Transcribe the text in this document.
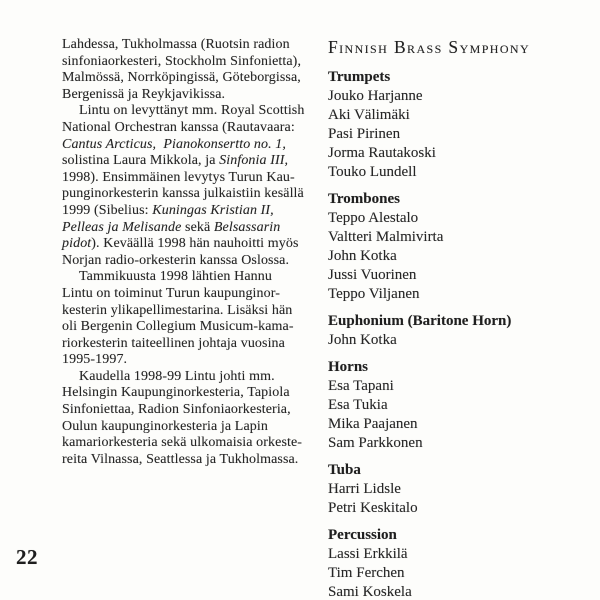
Lahdessa, Tukholmassa (Ruotsin radion
sinfoniaorkesteri, Stockholm Sinfonietta),
Malmössä, Norrköpingissä, Göteborgissa,
Bergenissä ja Reykjavikissa.
Lintu on levyttänyt mm. Royal Scottish
National Orchestran kanssa (Rautavaara:
Cantus Arcticus,  Pianokonsertto no. 1,
solistina Laura Mikkola, ja Sinfonia III,
1998). Ensimmäinen levytys Turun Kau-
punginorkesterin kanssa julkaistiin kesällä
1999 (Sibelius: Kuningas Kristian II,
Pelleas ja Melisande sekä Belsassarin
pidot). Keväällä 1998 hän nauhoitti myös
Norjan radio-orkesterin kanssa Oslossa.
Tammikuusta 1998 lähtien Hannu
Lintu on toiminut Turun kaupunginor-
kesterin ylikapellimestarina. Lisäksi hän
oli Bergenin Collegium Musicum-kama-
riorkesterin taiteellinen johtaja vuosina
1995-1997.
Kaudella 1998-99 Lintu johti mm.
Helsingin Kaupunginorkesteria, Tapiola
Sinfoniettaa, Radion Sinfoniaorkesteria,
Oulun kaupunginorkesteria ja Lapin
kamariorkesteria sekä ulkomaisia orkeste-
reita Vilnassa, Seattlessa ja Tukholmassa.
Finnish Brass Symphony
Trumpets
Jouko Harjanne
Aki Välimäki
Pasi Pirinen
Jorma Rautakoski
Touko Lundell
Trombones
Teppo Alestalo
Valtteri Malmivirta
John Kotka
Jussi Vuorinen
Teppo Viljanen
Euphonium (Baritone Horn)
John Kotka
Horns
Esa Tapani
Esa Tukia
Mika Paajanen
Sam Parkkonen
Tuba
Harri Lidsle
Petri Keskitalo
Percussion
Lassi Erkkilä
Tim Ferchen
Sami Koskela
22
